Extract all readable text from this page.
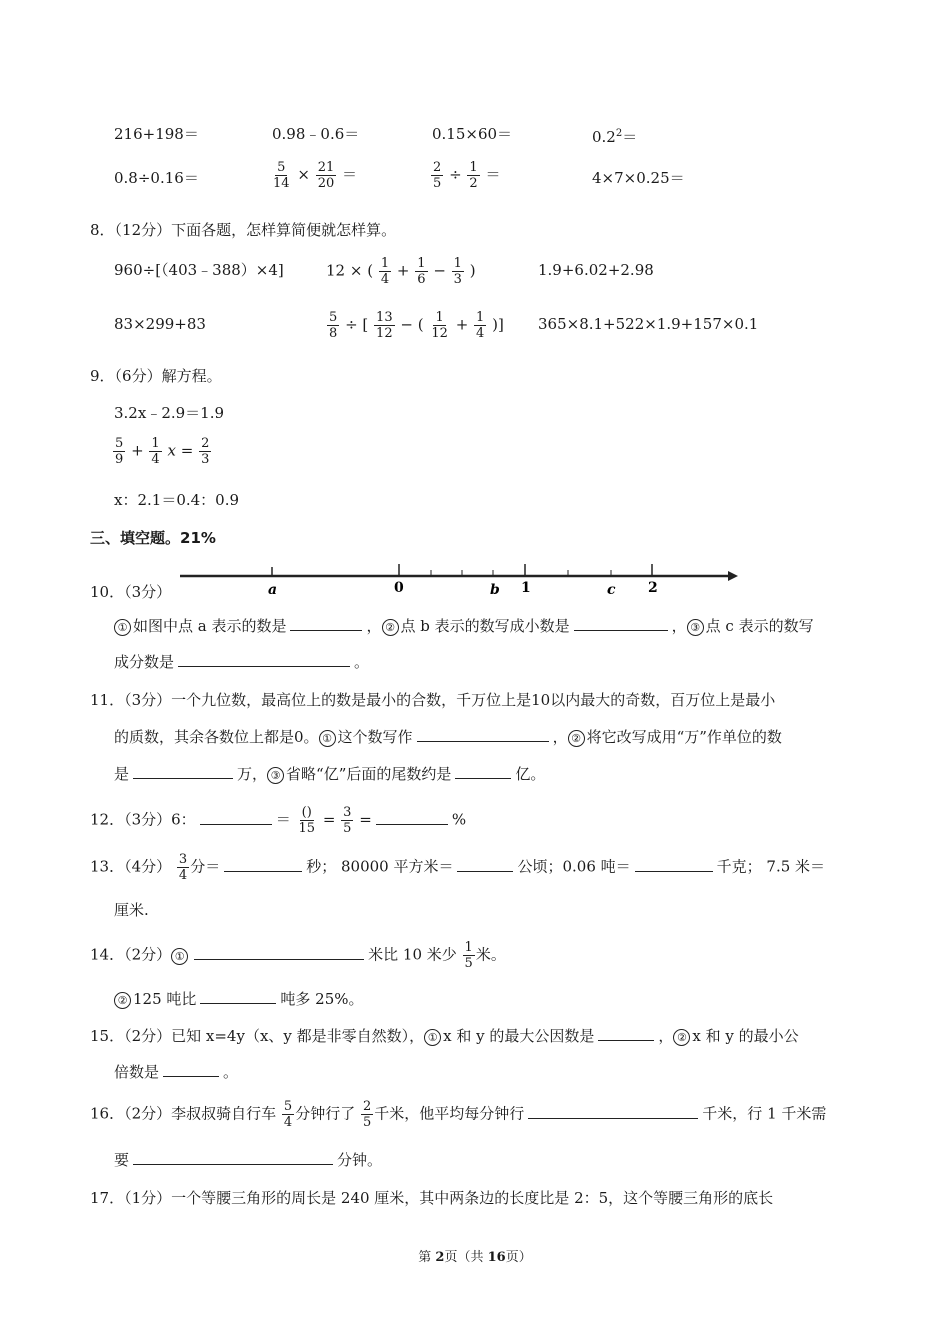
216+198＝	0.98﹣0.6＝	0.15×60＝	$0.2^2=$
0.8÷0.16＝	$\frac{5}{14} \times \frac{21}{20}$ ＝	$\frac{2}{5} \div \frac{1}{2}$ ＝	4×7×0.25＝
8．（12分）下面各题，怎样算简便就怎样算。
960÷[（403﹣388）×4]	12 × ( $\frac{1}{4} + \frac{1}{6} - \frac{1}{3}$ )	1.9+6.02+2.98
83×299+83	$\frac{5}{8}$ ÷ [ $\frac{13}{12}$ − ( $\frac{1}{12} + \frac{1}{4}$ )] 365×8.1+522×1.9+157×0.1
9．（6分）解方程。
3.2x﹣2.9＝1.9
$\frac{5}{9} + \frac{1}{4}$ $x = \frac{2}{3}$
x：2.1＝0.4：0.9
三、填空题。21%
10．（3分）	a	0	b 1	c 2
① 如图中点 a 表示的数是	， ② 点 b 表示的数写成小数是	， ③ 点 c 表示的数写
成分数是	。
11．（3分）一个九位数，最高位上的数是最小的合数，千万位上是10以内最大的奇数，百万位上是最小
的质数，其余各数位上都是0。 ① 这个数写作	， ② 将它改写成用“万”作单位的数
是	万， ③ 省略“亿”后面的尾数约是	亿。
12．（3分）6：	＝ $\frac{()}{15} = \frac{3}{5}$ =	%
13．（4分） $\frac{3}{4}$ 分＝	秒； 80000 平方米＝	公顷；0.06 吨＝	千克； 7.5 米＝
厘米.
14．（2分） ①	米比 10 米少 $\frac{1}{5}$ 米。
② 125 吨比	吨多 25%。
15．（2分）已知 x=4y（x、y 都是非零自然数）， ① x 和 y 的最大公因数是	， ② x 和 y 的最小公
倍数是	。
16．（2分）李叔叔骑自行车 $\frac{5}{4}$ 分钟行了 $\frac{2}{5}$ 千米，他平均每分钟行	千米，行 1 千米需
要	分钟。
17．（1分）一个等腰三角形的周长是 240 厘米，其中两条边的长度比是 2：5，这个等腰三角形的底长
第 2页（共 16页）
